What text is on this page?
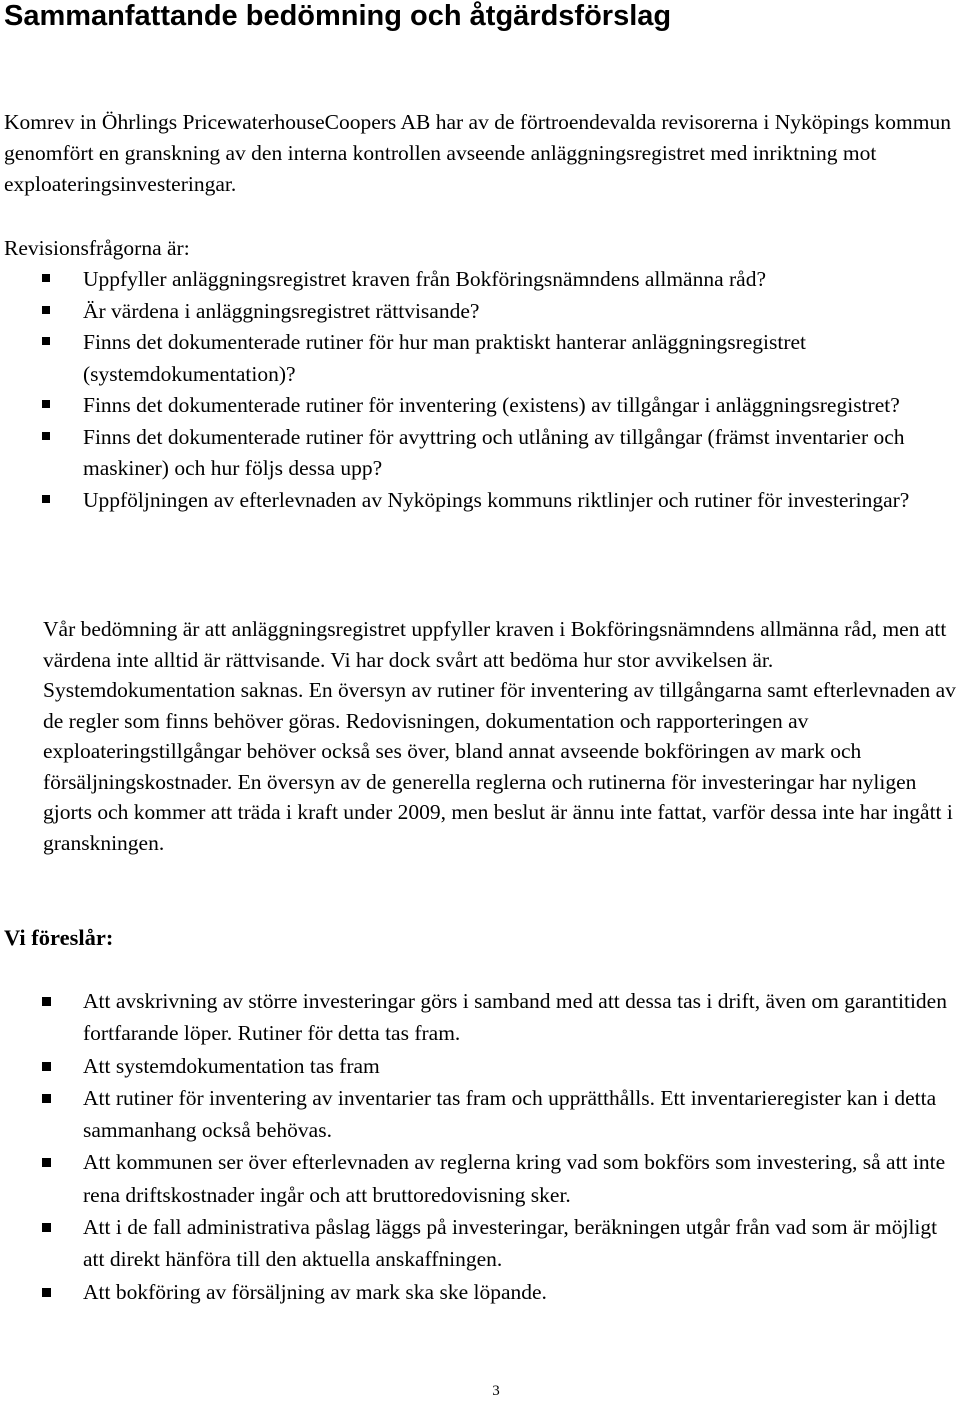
Sammanfattande bedömning och åtgärdsförslag

Komrev in Öhrlings PricewaterhouseCoopers AB har av de förtroendevalda revisorerna i Nyköpings kommun genomfört en granskning av den interna kontrollen avseende anläggningsregistret med inriktning mot exploateringsinvesteringar.

Revisionsfrågorna är:

Uppfyller anläggningsregistret kraven från Bokföringsnämndens allmänna råd?
Är värdena i anläggningsregistret rättvisande?
Finns det dokumenterade rutiner för hur man praktiskt hanterar anläggningsregistret (systemdokumentation)?
Finns det dokumenterade rutiner för inventering (existens) av tillgångar i anläggningsregistret?
Finns det dokumenterade rutiner för avyttring och utlåning av tillgångar (främst inventarier och maskiner) och hur följs dessa upp?
Uppföljningen av efterlevnaden av Nyköpings kommuns riktlinjer och rutiner för investeringar?

Vår bedömning är att anläggningsregistret uppfyller kraven i Bokföringsnämndens allmänna råd, men att värdena inte alltid är rättvisande. Vi har dock svårt att bedöma hur stor avvikelsen är. Systemdokumentation saknas. En översyn av rutiner för inventering av tillgångarna samt efterlevnaden av de regler som finns behöver göras. Redovisningen, dokumentation och rapporteringen av exploateringstillgångar behöver också ses över, bland annat avseende bokföringen av mark och försäljningskostnader. En översyn av de generella reglerna och rutinerna för investeringar har nyligen gjorts och kommer att träda i kraft under 2009, men beslut är ännu inte fattat, varför dessa inte har ingått i granskningen.

Vi föreslår:
Att avskrivning av större investeringar görs i samband med att dessa tas i drift, även om garantitiden fortfarande löper. Rutiner för detta tas fram.
Att systemdokumentation tas fram
Att rutiner för inventering av inventarier tas fram och upprätthålls. Ett inventarieregister kan i detta sammanhang också behövas.
Att kommunen ser över efterlevnaden av reglerna kring vad som bokförs som investering, så att inte rena driftskostnader ingår och att bruttoredovisning sker.
Att i de fall administrativa påslag läggs på investeringar, beräkningen utgår från vad som är möjligt att direkt hänföra till den aktuella anskaffningen.
Att bokföring av försäljning av mark ska ske löpande.

3
